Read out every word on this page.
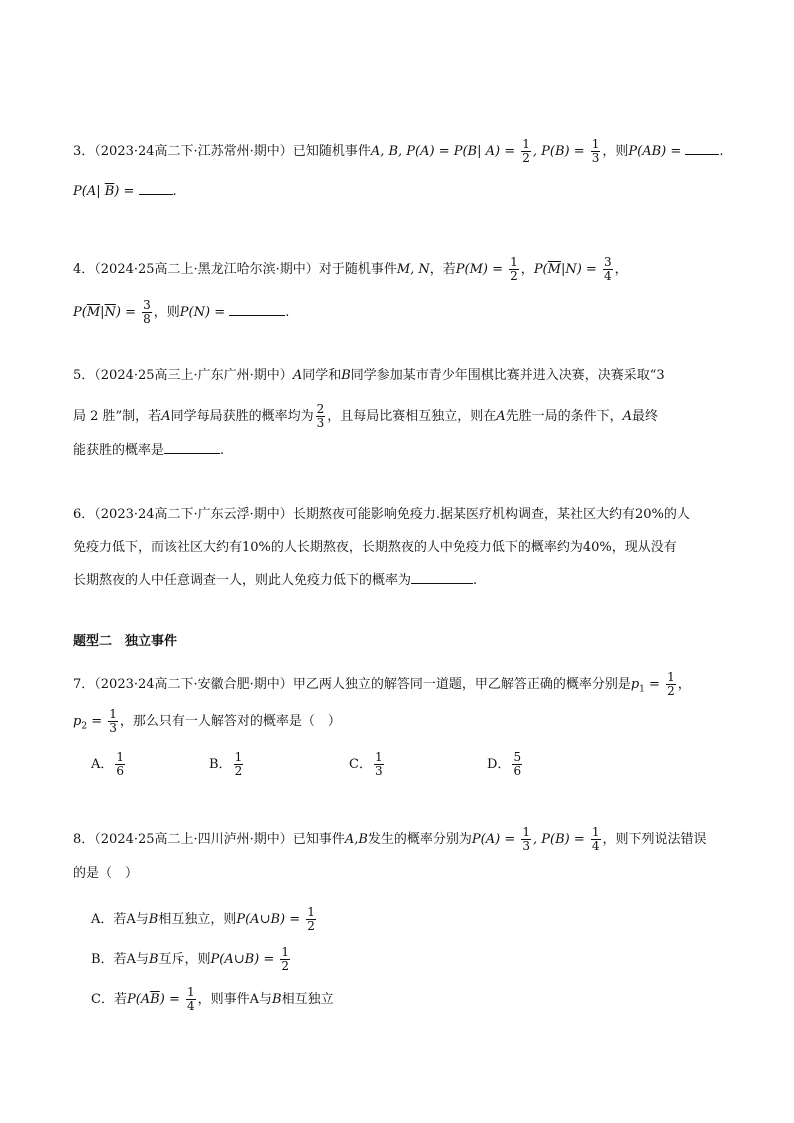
3．（2023·24高二下·江苏常州·期中）已知随机事件A, B, P(A) = P(B| $A) = \frac{1}{2}$ , $P(B) = \frac{1}{3}$ ，则P(AB) =	.
P(A| $\overline{B}$) =	.
4．（2024·25高二上·黑龙江哈尔滨·期中）对于随机事件M, N，若$P(M) = \frac{1}{2}$ ，$P(\overline{M}|N) = \frac{3}{4}$ ，
$P(\overline{M}|\overline{N}) = \frac{3}{8}$ ，则P(N) =	.
5．（2024·25高三上·广东广州·期中）A同学和B同学参加某市青少年围棋比赛并进入决赛，决赛采取“3
局 2 胜”制，若A同学每局获胜的概率均为 $\frac{2}{3}$ ，且每局比赛相互独立，则在A先胜一局的条件下，A最终
能获胜的概率是	.
6．（2023·24高二下·广东云浮·期中）长期熬夜可能影响免疫力.据某医疗机构调查，某社区大约有20%的人
免疫力低下，而该社区大约有10%的人长期熬夜，长期熬夜的人中免疫力低下的概率约为40%，现从没有
长期熬夜的人中任意调查一人，则此人免疫力低下的概率为	.
题型二　独立事件
7．（2023·24高二下·安徽合肥·期中）甲乙两人独立的解答同一道题，甲乙解答正确的概率分别是$p_1 = \frac{1}{2}$ ，
$p_2 = \frac{1}{3}$ ，那么只有一人解答对的概率是（　）
A． $\frac{1}{6}$	B． $\frac{1}{2}$	C． $\frac{1}{3}$	D． $\frac{5}{6}$
8．（2024·25高二上·四川泸州·期中）已知事件A,B发生的概率分别为$P(A) = \frac{1}{3}$ , $P(B) = \frac{1}{4}$ ，则下列说法错误
的是（　）
A．若A与B相互独立，则P(A∪B) = $\frac{1}{2}$
B．若A与B互斥，则P(A∪B) = $\frac{1}{2}$
C．若$P(A\overline{B}) = \frac{1}{4}$ ，则事件A与B相互独立
